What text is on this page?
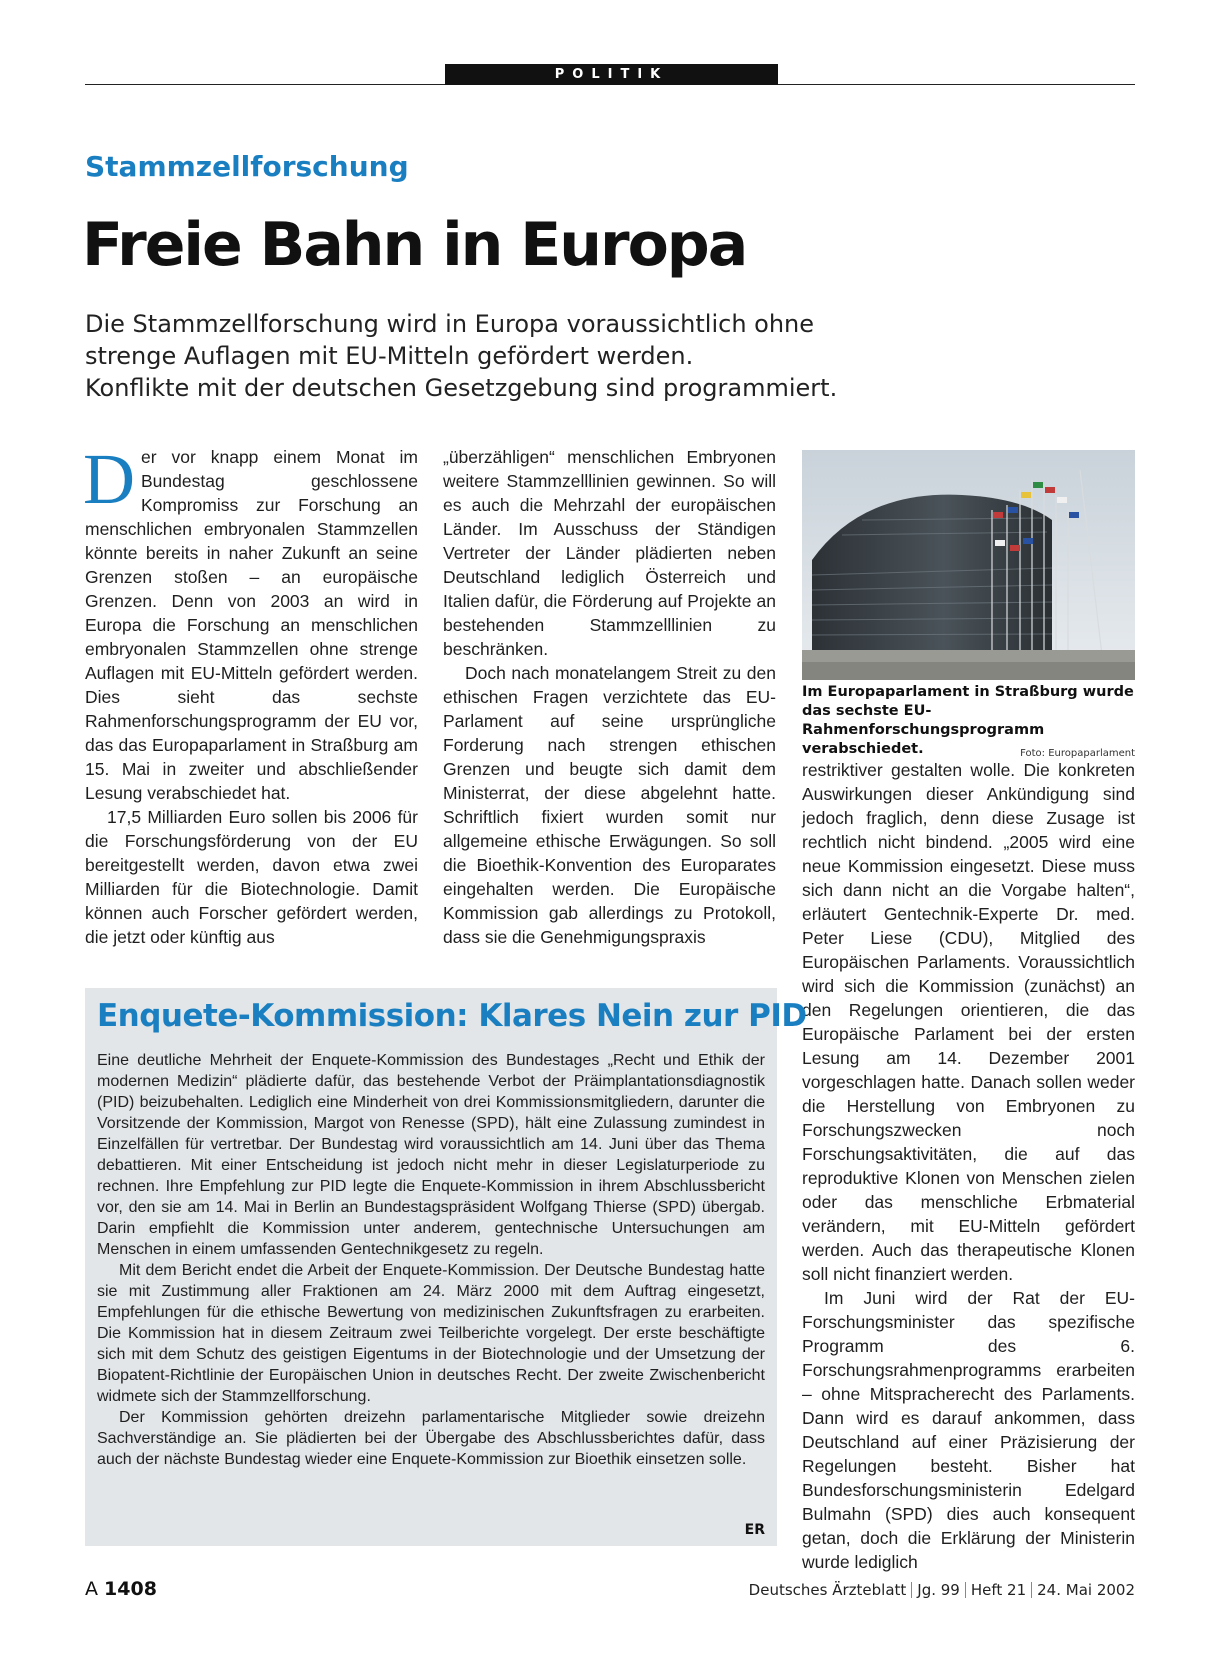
POLITIK
Stammzellforschung
Freie Bahn in Europa
Die Stammzellforschung wird in Europa voraussichtlich ohne
strenge Auflagen mit EU-Mitteln gefördert werden.
Konflikte mit der deutschen Gesetzgebung sind programmiert.

Der vor knapp einem Monat im Bundestag geschlossene Kompromiss zur Forschung an menschlichen embryonalen Stammzellen könnte bereits in naher Zukunft an seine Grenzen stoßen – an europäische Grenzen. Denn von 2003 an wird in Europa die Forschung an menschlichen embryonalen Stammzellen ohne strenge Auflagen mit EU-Mitteln gefördert werden. Dies sieht das sechste Rahmenforschungsprogramm der EU vor, das das Europaparlament in Straßburg am 15. Mai in zweiter und abschließender Lesung verabschiedet hat.

17,5 Milliarden Euro sollen bis 2006 für die Forschungsförderung von der EU bereitgestellt werden, davon etwa zwei Milliarden für die Biotechnologie. Damit können auch Forscher gefördert werden, die jetzt oder künftig aus

„überzähligen“ menschlichen Embryonen weitere Stammzelllinien gewinnen. So will es auch die Mehrzahl der europäischen Länder. Im Ausschuss der Ständigen Vertreter der Länder plädierten neben Deutschland lediglich Österreich und Italien dafür, die Förderung auf Projekte an bestehenden Stammzelllinien zu beschränken.

Doch nach monatelangem Streit zu den ethischen Fragen verzichtete das EU-Parlament auf seine ursprüngliche Forderung nach strengen ethischen Grenzen und beugte sich damit dem Ministerrat, der diese abgelehnt hatte. Schriftlich fixiert wurden somit nur allgemeine ethische Erwägungen. So soll die Bioethik-Konvention des Europarates eingehalten werden. Die Europäische Kommission gab allerdings zu Protokoll, dass sie die Genehmigungspraxis

Im Europaparlament in Straßburg wurde das sechste EU-Rahmenforschungsprogramm verabschiedet.	Foto: Europaparlament

restriktiver gestalten wolle. Die konkreten Auswirkungen dieser Ankündigung sind jedoch fraglich, denn diese Zusage ist rechtlich nicht bindend. „2005 wird eine neue Kommission eingesetzt. Diese muss sich dann nicht an die Vorgabe halten“, erläutert Gentechnik-Experte Dr. med. Peter Liese (CDU), Mitglied des Europäischen Parlaments. Voraussichtlich wird sich die Kommission (zunächst) an den Regelungen orientieren, die das Europäische Parlament bei der ersten Lesung am 14. Dezember 2001 vorgeschlagen hatte. Danach sollen weder die Herstellung von Embryonen zu Forschungszwecken noch Forschungsaktivitäten, die auf das reproduktive Klonen von Menschen zielen oder das menschliche Erbmaterial verändern, mit EU-Mitteln gefördert werden. Auch das therapeutische Klonen soll nicht finanziert werden.

Im Juni wird der Rat der EU-Forschungsminister das spezifische Programm des 6. Forschungsrahmenprogramms erarbeiten – ohne Mitspracherecht des Parlaments. Dann wird es darauf ankommen, dass Deutschland auf einer Präzisierung der Regelungen besteht. Bisher hat Bundesforschungsministerin Edelgard Bulmahn (SPD) dies auch konsequent getan, doch die Erklärung der Ministerin wurde lediglich

Enquete-Kommission: Klares Nein zur PID

Eine deutliche Mehrheit der Enquete-Kommission des Bundestages „Recht und Ethik der modernen Medizin“ plädierte dafür, das bestehende Verbot der Präimplantationsdiagnostik (PID) beizubehalten. Lediglich eine Minderheit von drei Kommissionsmitgliedern, darunter die Vorsitzende der Kommission, Margot von Renesse (SPD), hält eine Zulassung zumindest in Einzelfällen für vertretbar. Der Bundestag wird voraussichtlich am 14. Juni über das Thema debattieren. Mit einer Entscheidung ist jedoch nicht mehr in dieser Legislaturperiode zu rechnen. Ihre Empfehlung zur PID legte die Enquete-Kommission in ihrem Abschlussbericht vor, den sie am 14. Mai in Berlin an Bundestagspräsident Wolfgang Thierse (SPD) übergab. Darin empfiehlt die Kommission unter anderem, gentechnische Untersuchungen am Menschen in einem umfassenden Gentechnikgesetz zu regeln.

Mit dem Bericht endet die Arbeit der Enquete-Kommission. Der Deutsche Bundestag hatte sie mit Zustimmung aller Fraktionen am 24. März 2000 mit dem Auftrag eingesetzt, Empfehlungen für die ethische Bewertung von medizinischen Zukunftsfragen zu erarbeiten. Die Kommission hat in diesem Zeitraum zwei Teilberichte vorgelegt. Der erste beschäftigte sich mit dem Schutz des geistigen Eigentums in der Biotechnologie und der Umsetzung der Biopatent-Richtlinie der Europäischen Union in deutsches Recht. Der zweite Zwischenbericht widmete sich der Stammzellforschung.

Der Kommission gehörten dreizehn parlamentarische Mitglieder sowie dreizehn Sachverständige an. Sie plädierten bei der Übergabe des Abschlussberichtes dafür, dass auch der nächste Bundestag wieder eine Enquete-Kommission zur Bioethik einsetzen solle.

ER
A 1408	Deutsches Ärzteblatt Jg. 99 Heft 21 24. Mai 2002
